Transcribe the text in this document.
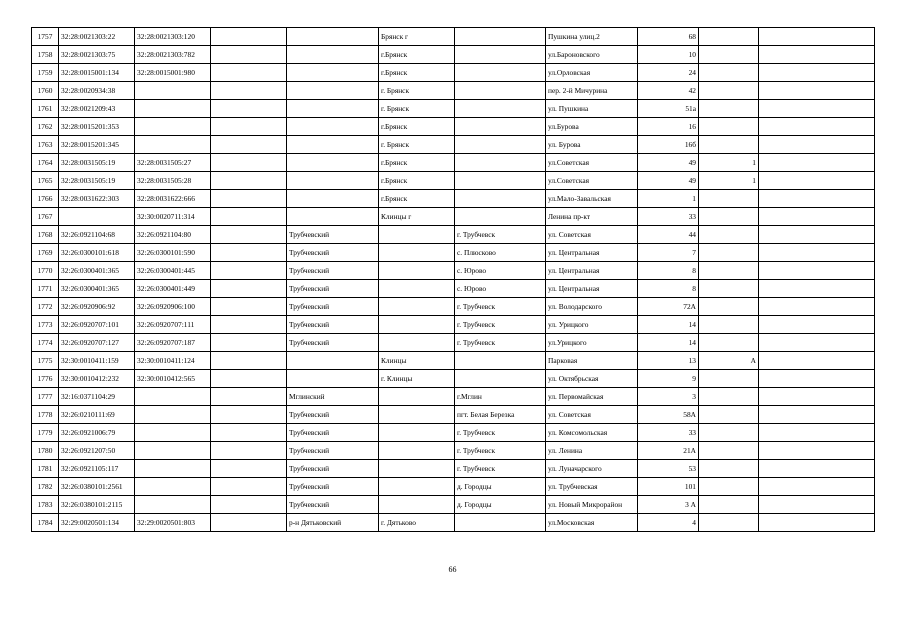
1757	32:28:0021303:22	32:28:0021303:120			Брянск г		Пушкина улиц.2	68		
1758	32:28:0021303:75	32:28:0021303:782			г.Брянск		ул.Бароновского	10		
1759	32:28:0015001:134	32:28:0015001:980			г.Брянск		ул.Орловская	24		
1760	32:28:0020934:38				г. Брянск		пер. 2-й Мичурина	42		
1761	32:28:0021209:43				г. Брянск		ул. Пушкина	51а		
1762	32:28:0015201:353				г.Брянск		ул.Бурова	16		
1763	32:28:0015201:345				г. Брянск		ул. Бурова	16б		
1764	32:28:0031505:19	32:28:0031505:27			г.Брянск		ул.Советская	49	1	
1765	32:28:0031505:19	32:28:0031505:28			г.Брянск		ул.Советская	49	1	
1766	32:28:0031622:303	32:28:0031622:666			г.Брянск		ул.Мало-Завальская	1		
1767		32:30:0020711:314			Клинцы г		Ленина пр-кт	33		
1768	32:26:0921104:68	32:26:0921104:80		Трубчевский		г. Трубчевск	ул. Советская	44		
1769	32:26:0300101:618	32:26:0300101:590		Трубчевский		с. Плюсково	ул. Центральная	7		
1770	32:26:0300401:365	32:26:0300401:445		Трубчевский		с. Юрово	ул. Центральная	8		
1771	32:26:0300401:365	32:26:0300401:449		Трубчевский		с. Юрово	ул. Центральная	8		
1772	32:26:0920906:92	32:26:0920906:100		Трубчевский		г. Трубчевск	ул. Володарского	72А		
1773	32:26:0920707:101	32:26:0920707:111		Трубчевский		г. Трубчевск	ул. Урицкого	14		
1774	32:26:0920707:127	32:26:0920707:187		Трубчевский		г. Трубчевск	ул.Урицкого	14		
1775	32:30:0010411:159	32:30:0010411:124			Клинцы		Парковая	13	А	
1776	32:30:0010412:232	32:30:0010412:565			г. Клинцы		ул. Октябрьская	9		
1777	32:16:0371104:29			Мглинский		г.Мглин	ул. Первомайская	3		
1778	32:26:0210111:69			Трубчевский		пгт. Белая Березка	ул. Советская	58А		
1779	32:26:0921006:79			Трубчевский		г. Трубчевск	ул. Комсомольская	33		
1780	32:26:0921207:50			Трубчевский		г. Трубчевск	ул. Ленина	21А		
1781	32:26:0921105:117			Трубчевский		г. Трубчевск	ул. Луначарского	53		
1782	32:26:0380101:2561			Трубчевский		д. Городцы	ул. Трубчевская	101		
1783	32:26:0380101:2115			Трубчевский		д. Городцы	ул. Новый Микрорайон	3 А		
1784	32:29:0020501:134	32:29:0020501:803		р-н Дятьковский	г. Дятьково		ул.Московская	4		
66
